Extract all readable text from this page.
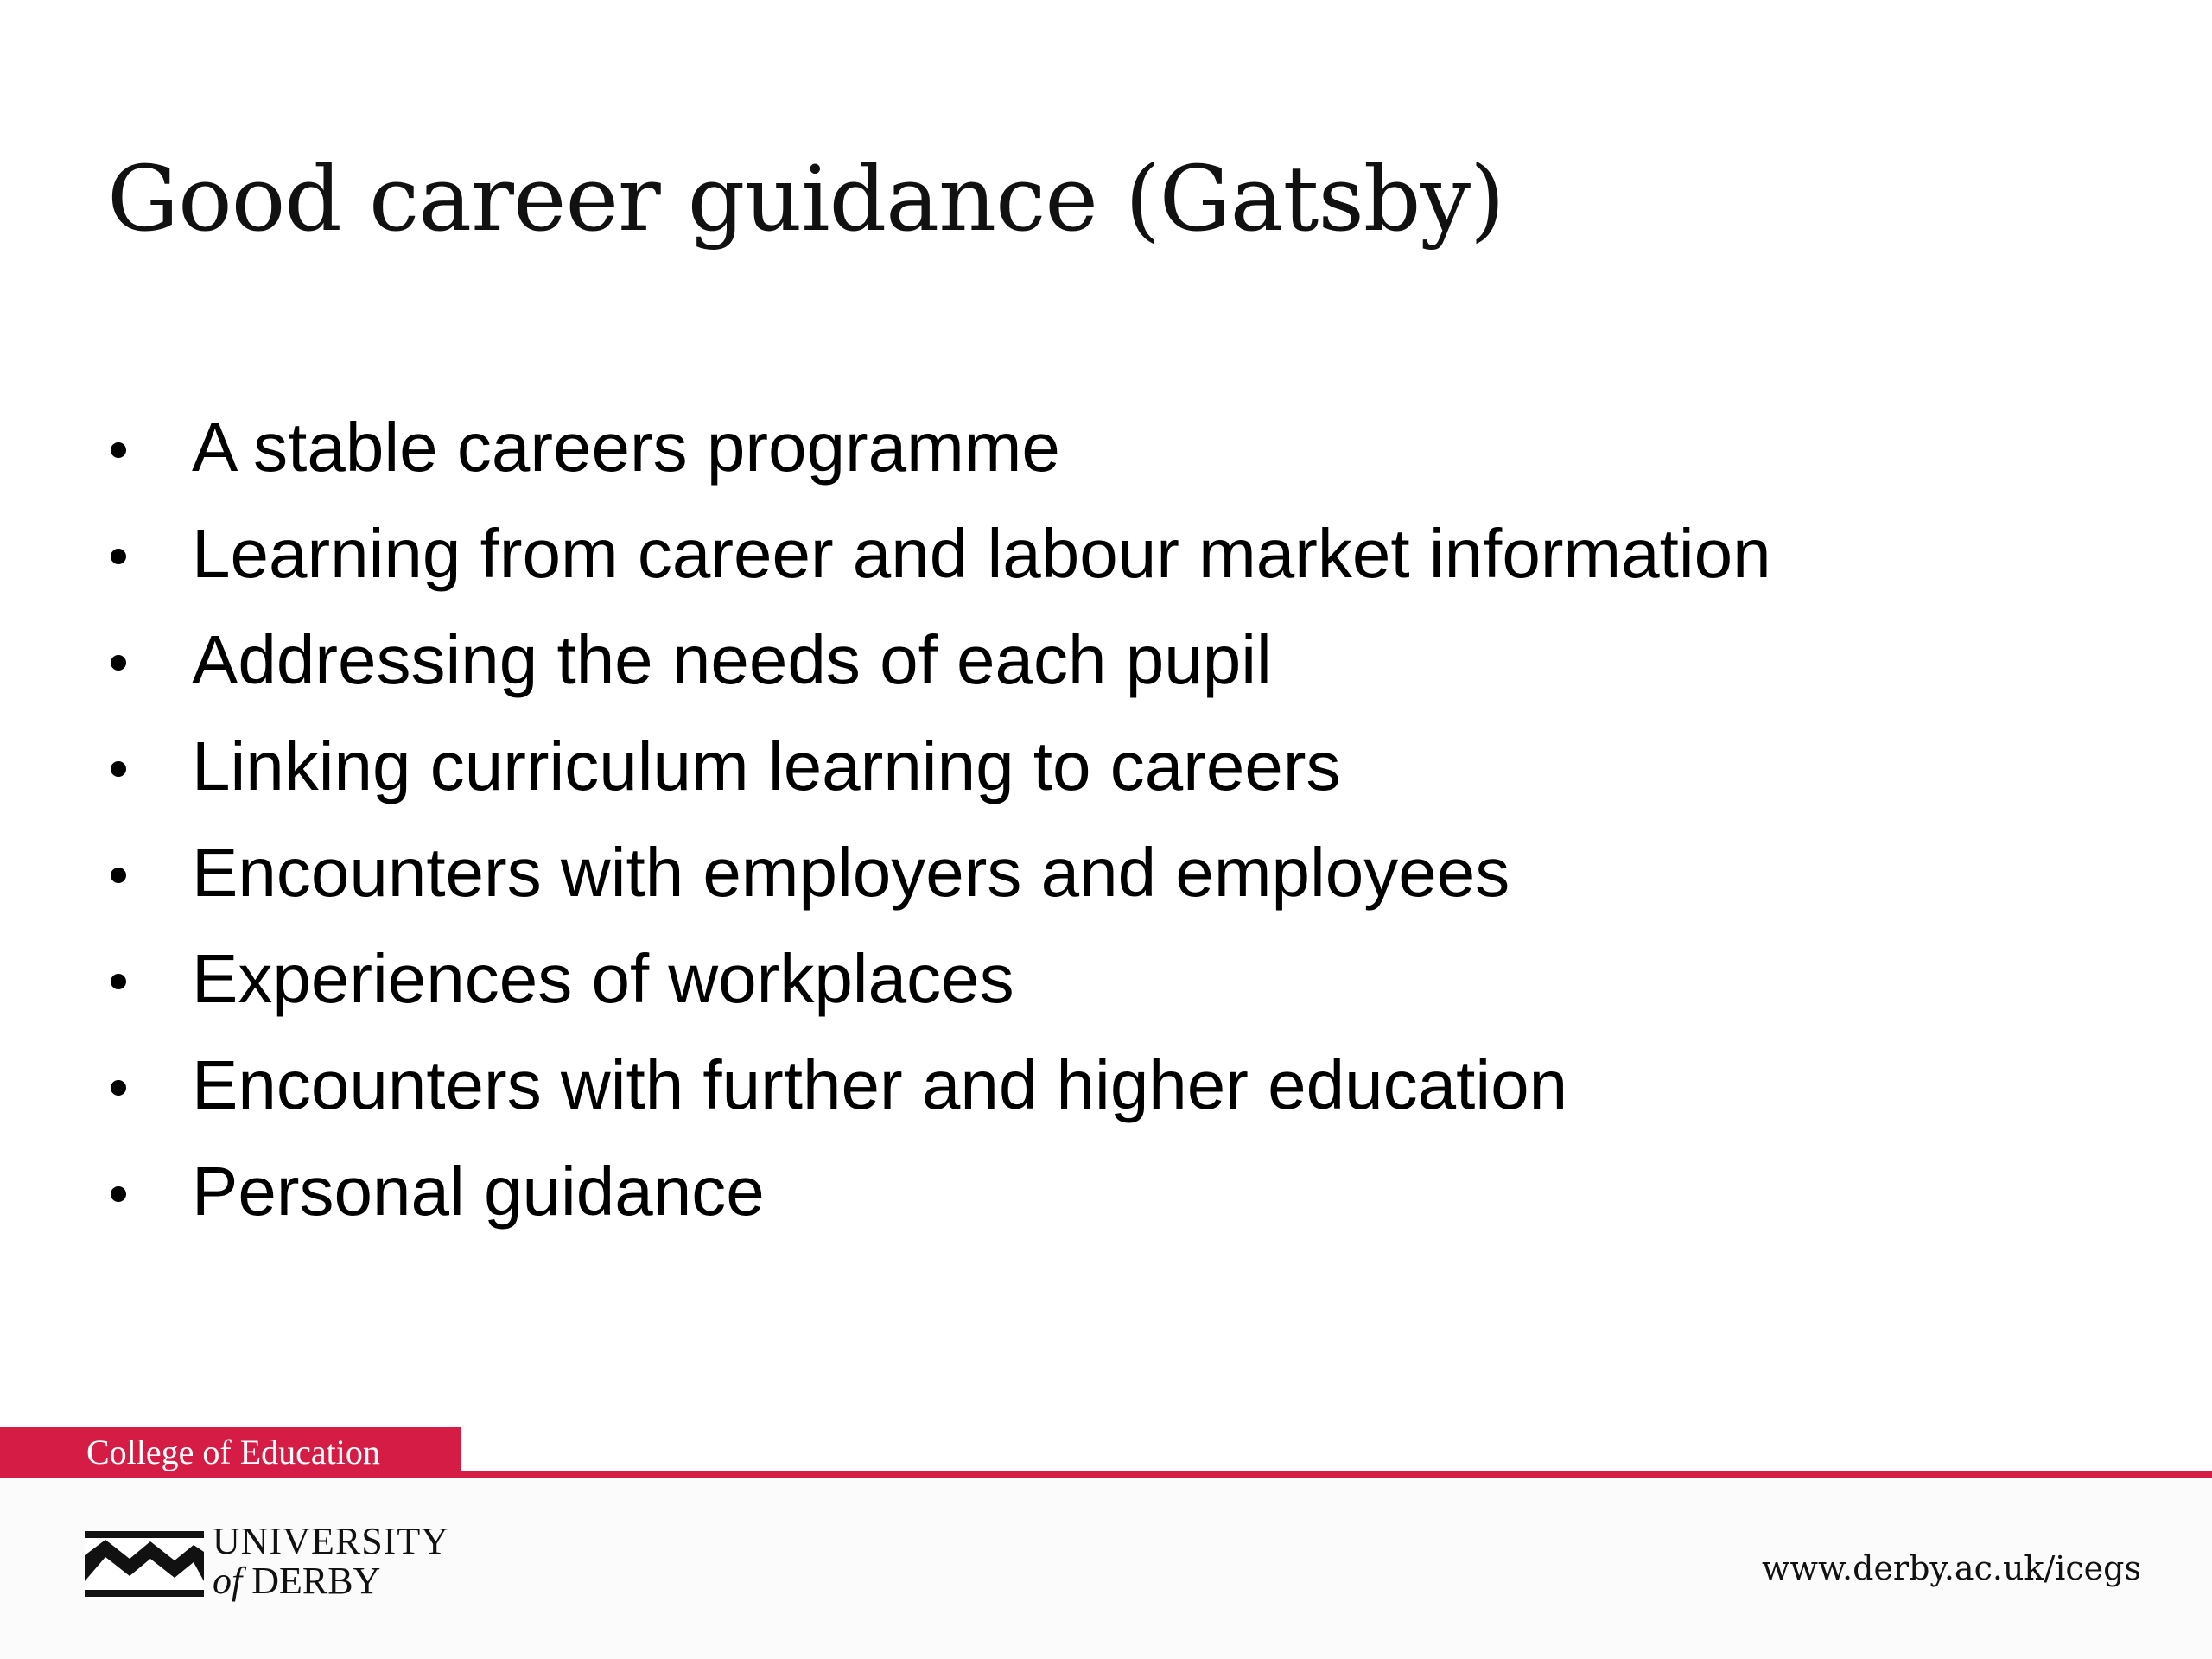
Good career guidance (Gatsby)
A stable careers programme
Learning from career and labour market information
Addressing the needs of each pupil
Linking curriculum learning to careers
Encounters with employers and employees
Experiences of workplaces
Encounters with further and higher education
Personal guidance
College of Education
UNIVERSITY
of DERBY	www.derby.ac.uk/icegs
